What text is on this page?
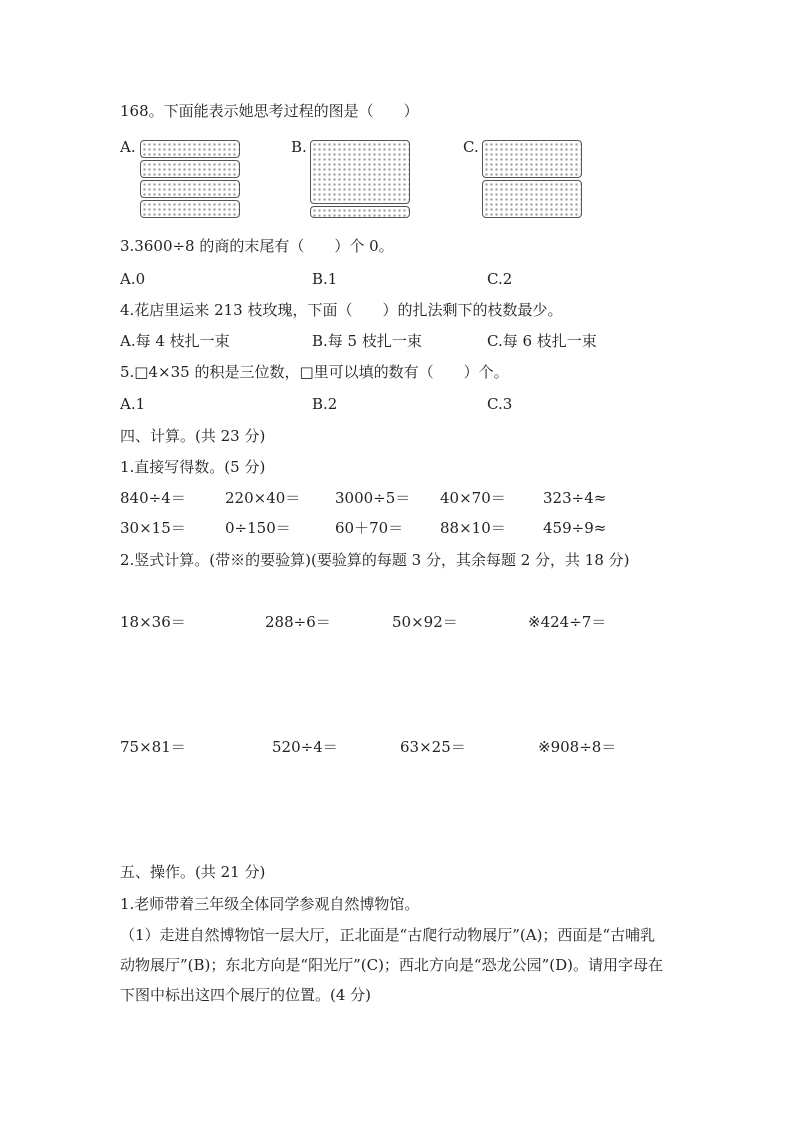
168。下面能表示她思考过程的图是（　　）
A.	B.	C.
3.3600÷8 的商的末尾有（　　）个 0。
A.0	B.1	C.2
4.花店里运来 213 枝玫瑰，下面（　　）的扎法剩下的枝数最少。
A.每 4 枝扎一束	B.每 5 枝扎一束	C.每 6 枝扎一束
5.□4×35 的积是三位数，□里可以填的数有（　　）个。
A.1	B.2	C.3
四、计算。(共 23 分)
1.直接写得数。(5 分)
840÷4＝	220×40＝ 3000÷5＝ 40×70＝ 323÷4≈
30×15＝	0÷150＝	60＋70＝ 88×10＝ 459÷9≈
2.竖式计算。(带※的要验算)(要验算的每题 3 分，其余每题 2 分，共 18 分)
18×36＝	288÷6＝	50×92＝	※424÷7＝
75×81＝	520÷4＝	63×25＝	※908÷8＝
五、操作。(共 21 分)
1.老师带着三年级全体同学参观自然博物馆。
（1）走进自然博物馆一层大厅，正北面是“古爬行动物展厅”(A)；西面是“古哺乳动物展厅”(B)；东北方向是“阳光厅”(C)；西北方向是“恐龙公园”(D)。请用字母在下图中标出这四个展厅的位置。(4 分)
